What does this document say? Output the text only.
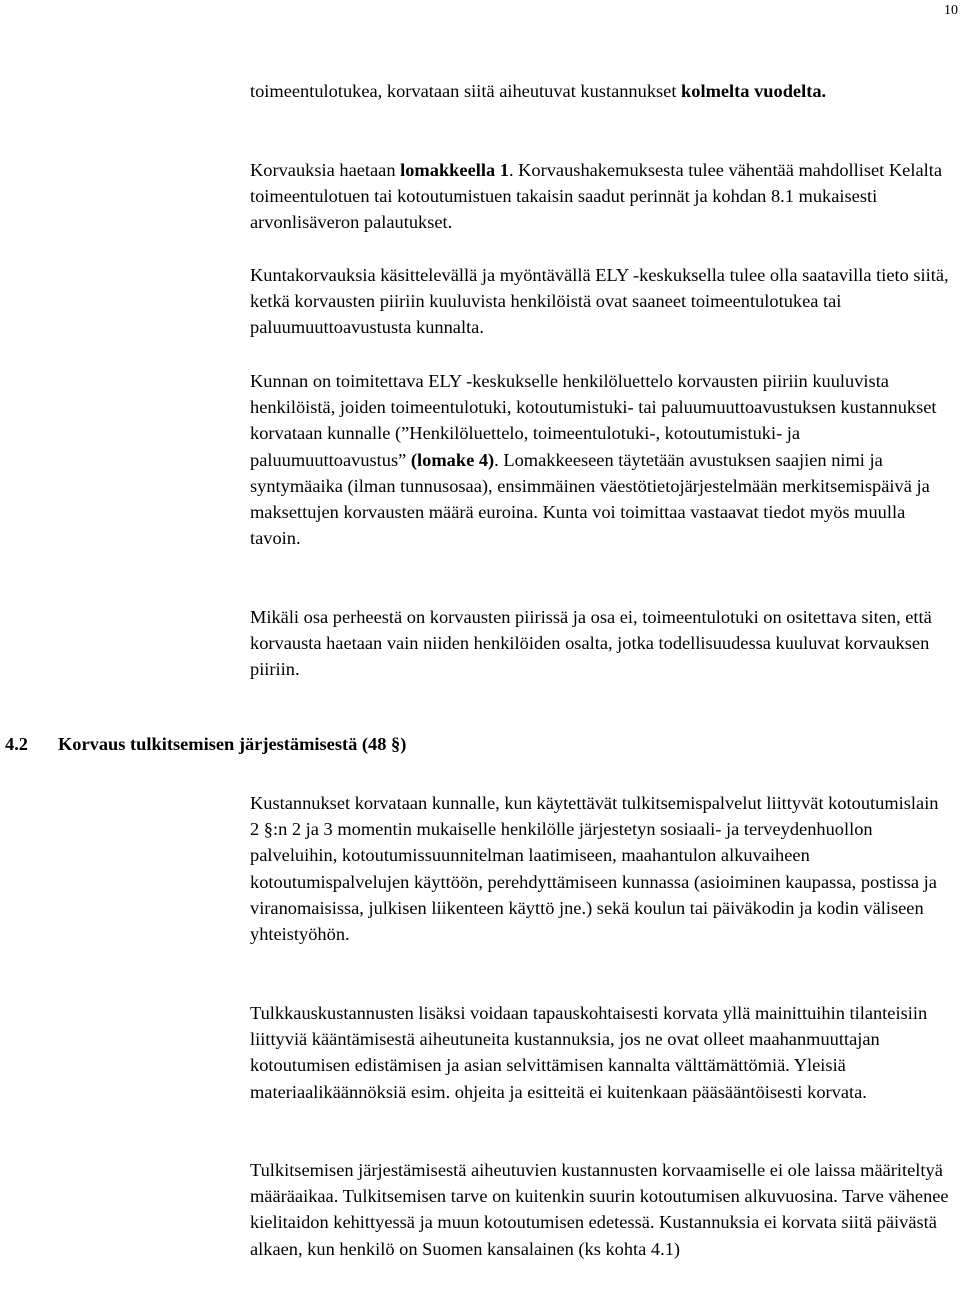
10

toimeentulotukea, korvataan siitä aiheutuvat kustannukset kolmelta vuodelta.

Korvauksia haetaan lomakkeella 1. Korvaushakemuksesta tulee vähentää mahdolliset Kelalta toimeentulotuen tai kotoutumistuen takaisin saadut perinnät ja kohdan 8.1 mukaisesti arvonlisäveron palautukset.

Kuntakorvauksia käsittelevällä ja myöntävällä ELY -keskuksella tulee olla saatavilla tieto siitä, ketkä korvausten piiriin kuuluvista henkilöistä ovat saaneet toimeentulotukea tai paluumuuttoavustusta kunnalta.

Kunnan on toimitettava ELY -keskukselle henkilöluettelo korvausten piiriin kuuluvista henkilöistä, joiden toimeentulotuki, kotoutumistuki- tai paluumuuttoavustuksen kustannukset korvataan kunnalle (”Henkilöluettelo, toimeentulotuki-, kotoutumistuki- ja paluumuuttoavustus” (lomake 4). Lomakkeeseen täytetään avustuksen saajien nimi ja syntymäaika (ilman tunnusosaa), ensimmäinen väestötietojärjestelmään merkitsemispäivä ja maksettujen korvausten määrä euroina. Kunta voi toimittaa vastaavat tiedot myös muulla tavoin.

Mikäli osa perheestä on korvausten piirissä ja osa ei, toimeentulotuki on ositettava siten, että korvausta haetaan vain niiden henkilöiden osalta, jotka todellisuudessa kuuluvat korvauksen piiriin.

4.2 Korvaus tulkitsemisen järjestämisestä (48 §)

Kustannukset korvataan kunnalle, kun käytettävät tulkitsemispalvelut liittyvät kotoutumislain 2 §:n 2 ja 3 momentin mukaiselle henkilölle järjestetyn sosiaali- ja terveydenhuollon palveluihin, kotoutumissuunnitelman laatimiseen, maahantulon alkuvaiheen kotoutumispalvelujen käyttöön, perehdyttämiseen kunnassa (asioiminen kaupassa, postissa ja viranomaisissa, julkisen liikenteen käyttö jne.) sekä koulun tai päiväkodin ja kodin väliseen yhteistyöhön.

Tulkkauskustannusten lisäksi voidaan tapauskohtaisesti korvata yllä mainittuihin tilanteisiin liittyviä kääntämisestä aiheutuneita kustannuksia, jos ne ovat olleet maahanmuuttajan kotoutumisen edistämisen ja asian selvittämisen kannalta välttämättömiä. Yleisiä materiaalikäännöksiä esim. ohjeita ja esitteitä ei kuitenkaan pääsääntöisesti korvata.

Tulkitsemisen järjestämisestä aiheutuvien kustannusten korvaamiselle ei ole laissa määriteltyä määräaikaa. Tulkitsemisen tarve on kuitenkin suurin kotoutumisen alkuvuosina. Tarve vähenee kielitaidon kehittyessä ja muun kotoutumisen edetessä. Kustannuksia ei korvata siitä päivästä alkaen, kun henkilö on Suomen kansalainen (ks kohta 4.1)
